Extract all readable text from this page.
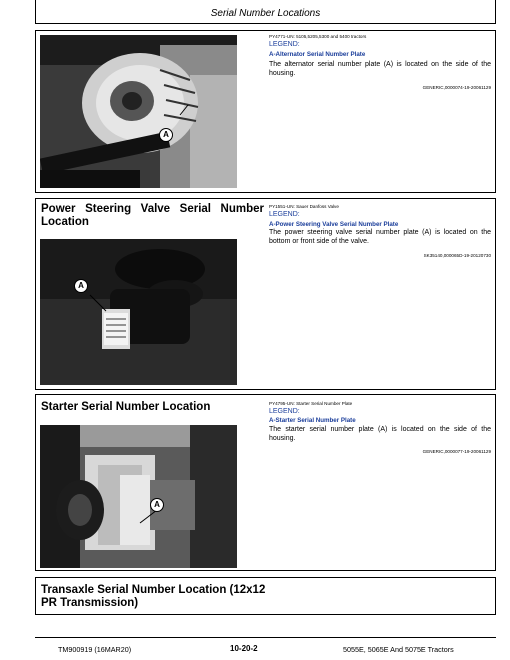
Serial Number Locations
A
PY4771-UN: 5105,5205,5300 and 5400 tractors
LEGEND:
A-Alternator Serial Number Plate
The alternator serial number plate (A) is located on the side of the housing.
GENERIC,0000074-19-20061129
Power Steering Valve Serial Number Location
A
PY1551-UN: Sauer Danfoss Valve
LEGEND:
A-Power Steering Valve Serial Number Plate
The power steering valve serial number plate (A) is located on the bottom or front side of the valve.
SK35140,000065D-19-20120730
Starter Serial Number Location
A
PY4795-UN: Starter Serial Number Plate
LEGEND:
A-Starter Serial Number Plate
The starter serial number plate (A) is located on the side of the housing.
GENERIC,0000077-19-20061129
Transaxle Serial Number Location (12x12 PR Transmission)
TM900919 (16MAR20)	10-20-2	5055E, 5065E And 5075E Tractors
